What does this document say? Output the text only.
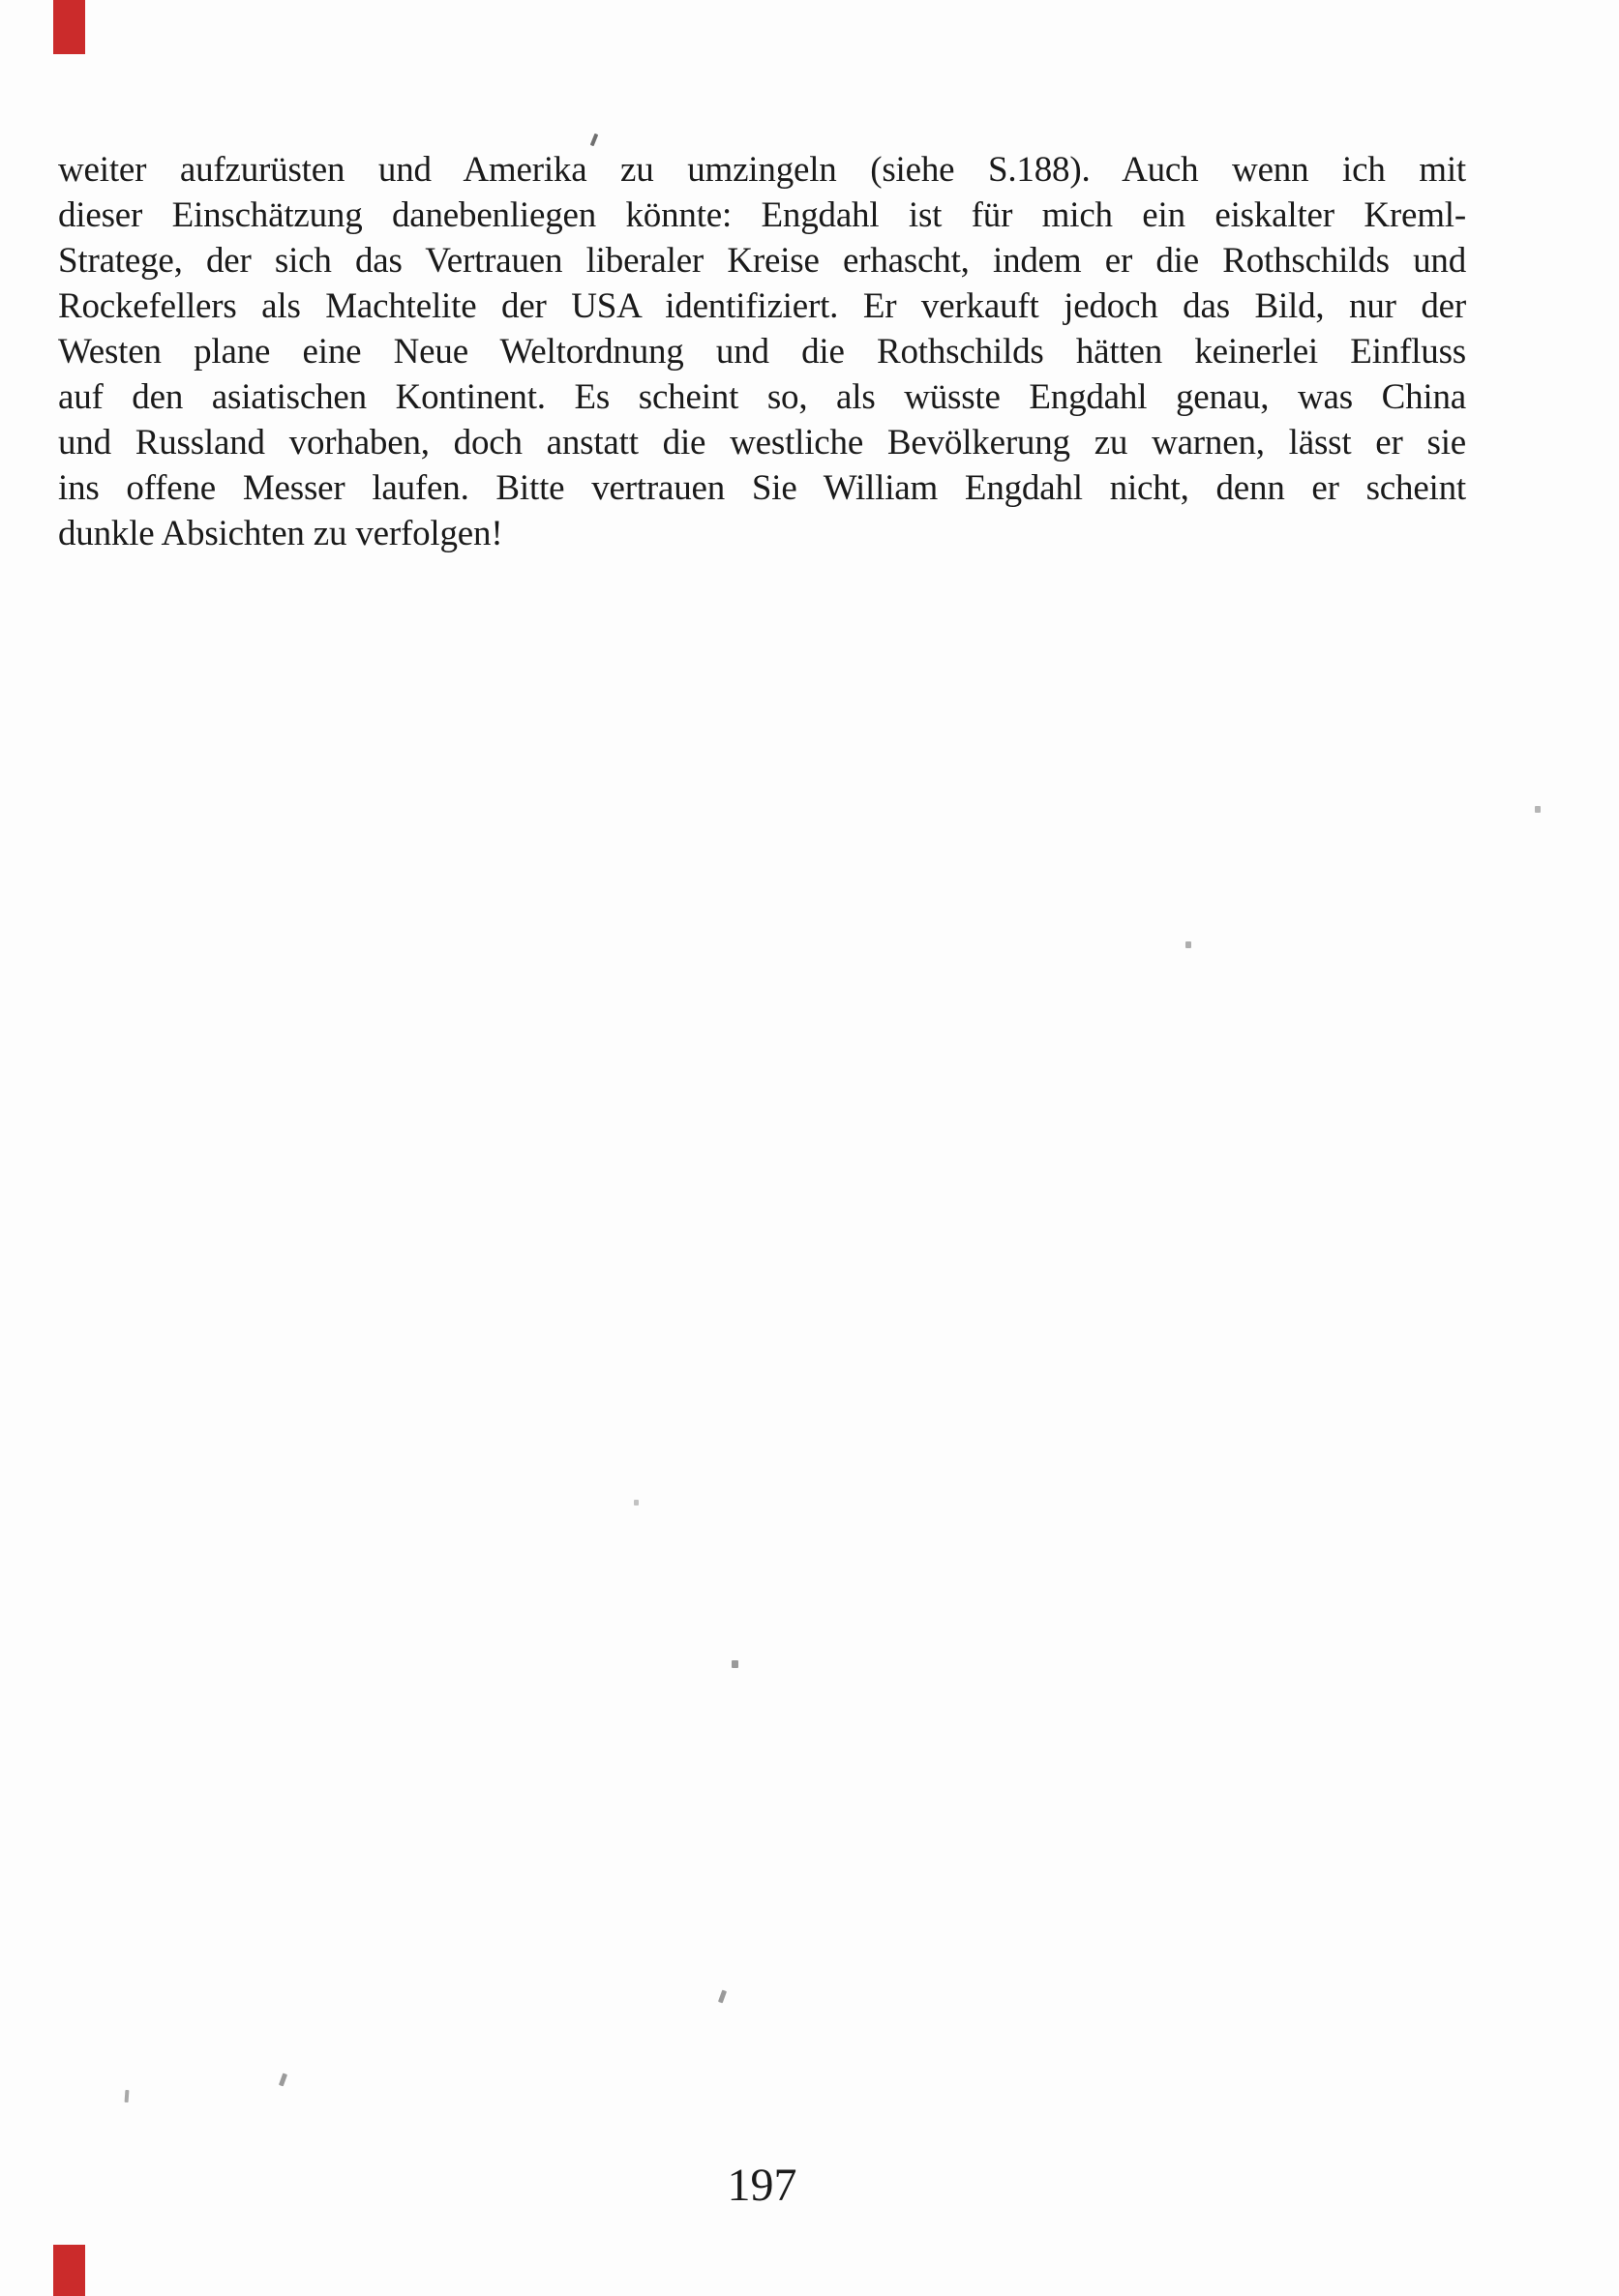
weiter aufzurüsten und Amerika zu umzingeln (siehe S.188). Auch wenn ich mit
dieser Einschätzung danebenliegen könnte: Engdahl ist für mich ein eiskalter Kreml-
Stratege, der sich das Vertrauen liberaler Kreise erhascht, indem er die Rothschilds und
Rockefellers als Machtelite der USA identifiziert. Er verkauft jedoch das Bild, nur der
Westen plane eine Neue Weltordnung und die Rothschilds hätten keinerlei Einfluss
auf den asiatischen Kontinent. Es scheint so, als wüsste Engdahl genau, was China
und Russland vorhaben, doch anstatt die westliche Bevölkerung zu warnen, lässt er sie
ins offene Messer laufen. Bitte vertrauen Sie William Engdahl nicht, denn er scheint
dunkle Absichten zu verfolgen!
197
